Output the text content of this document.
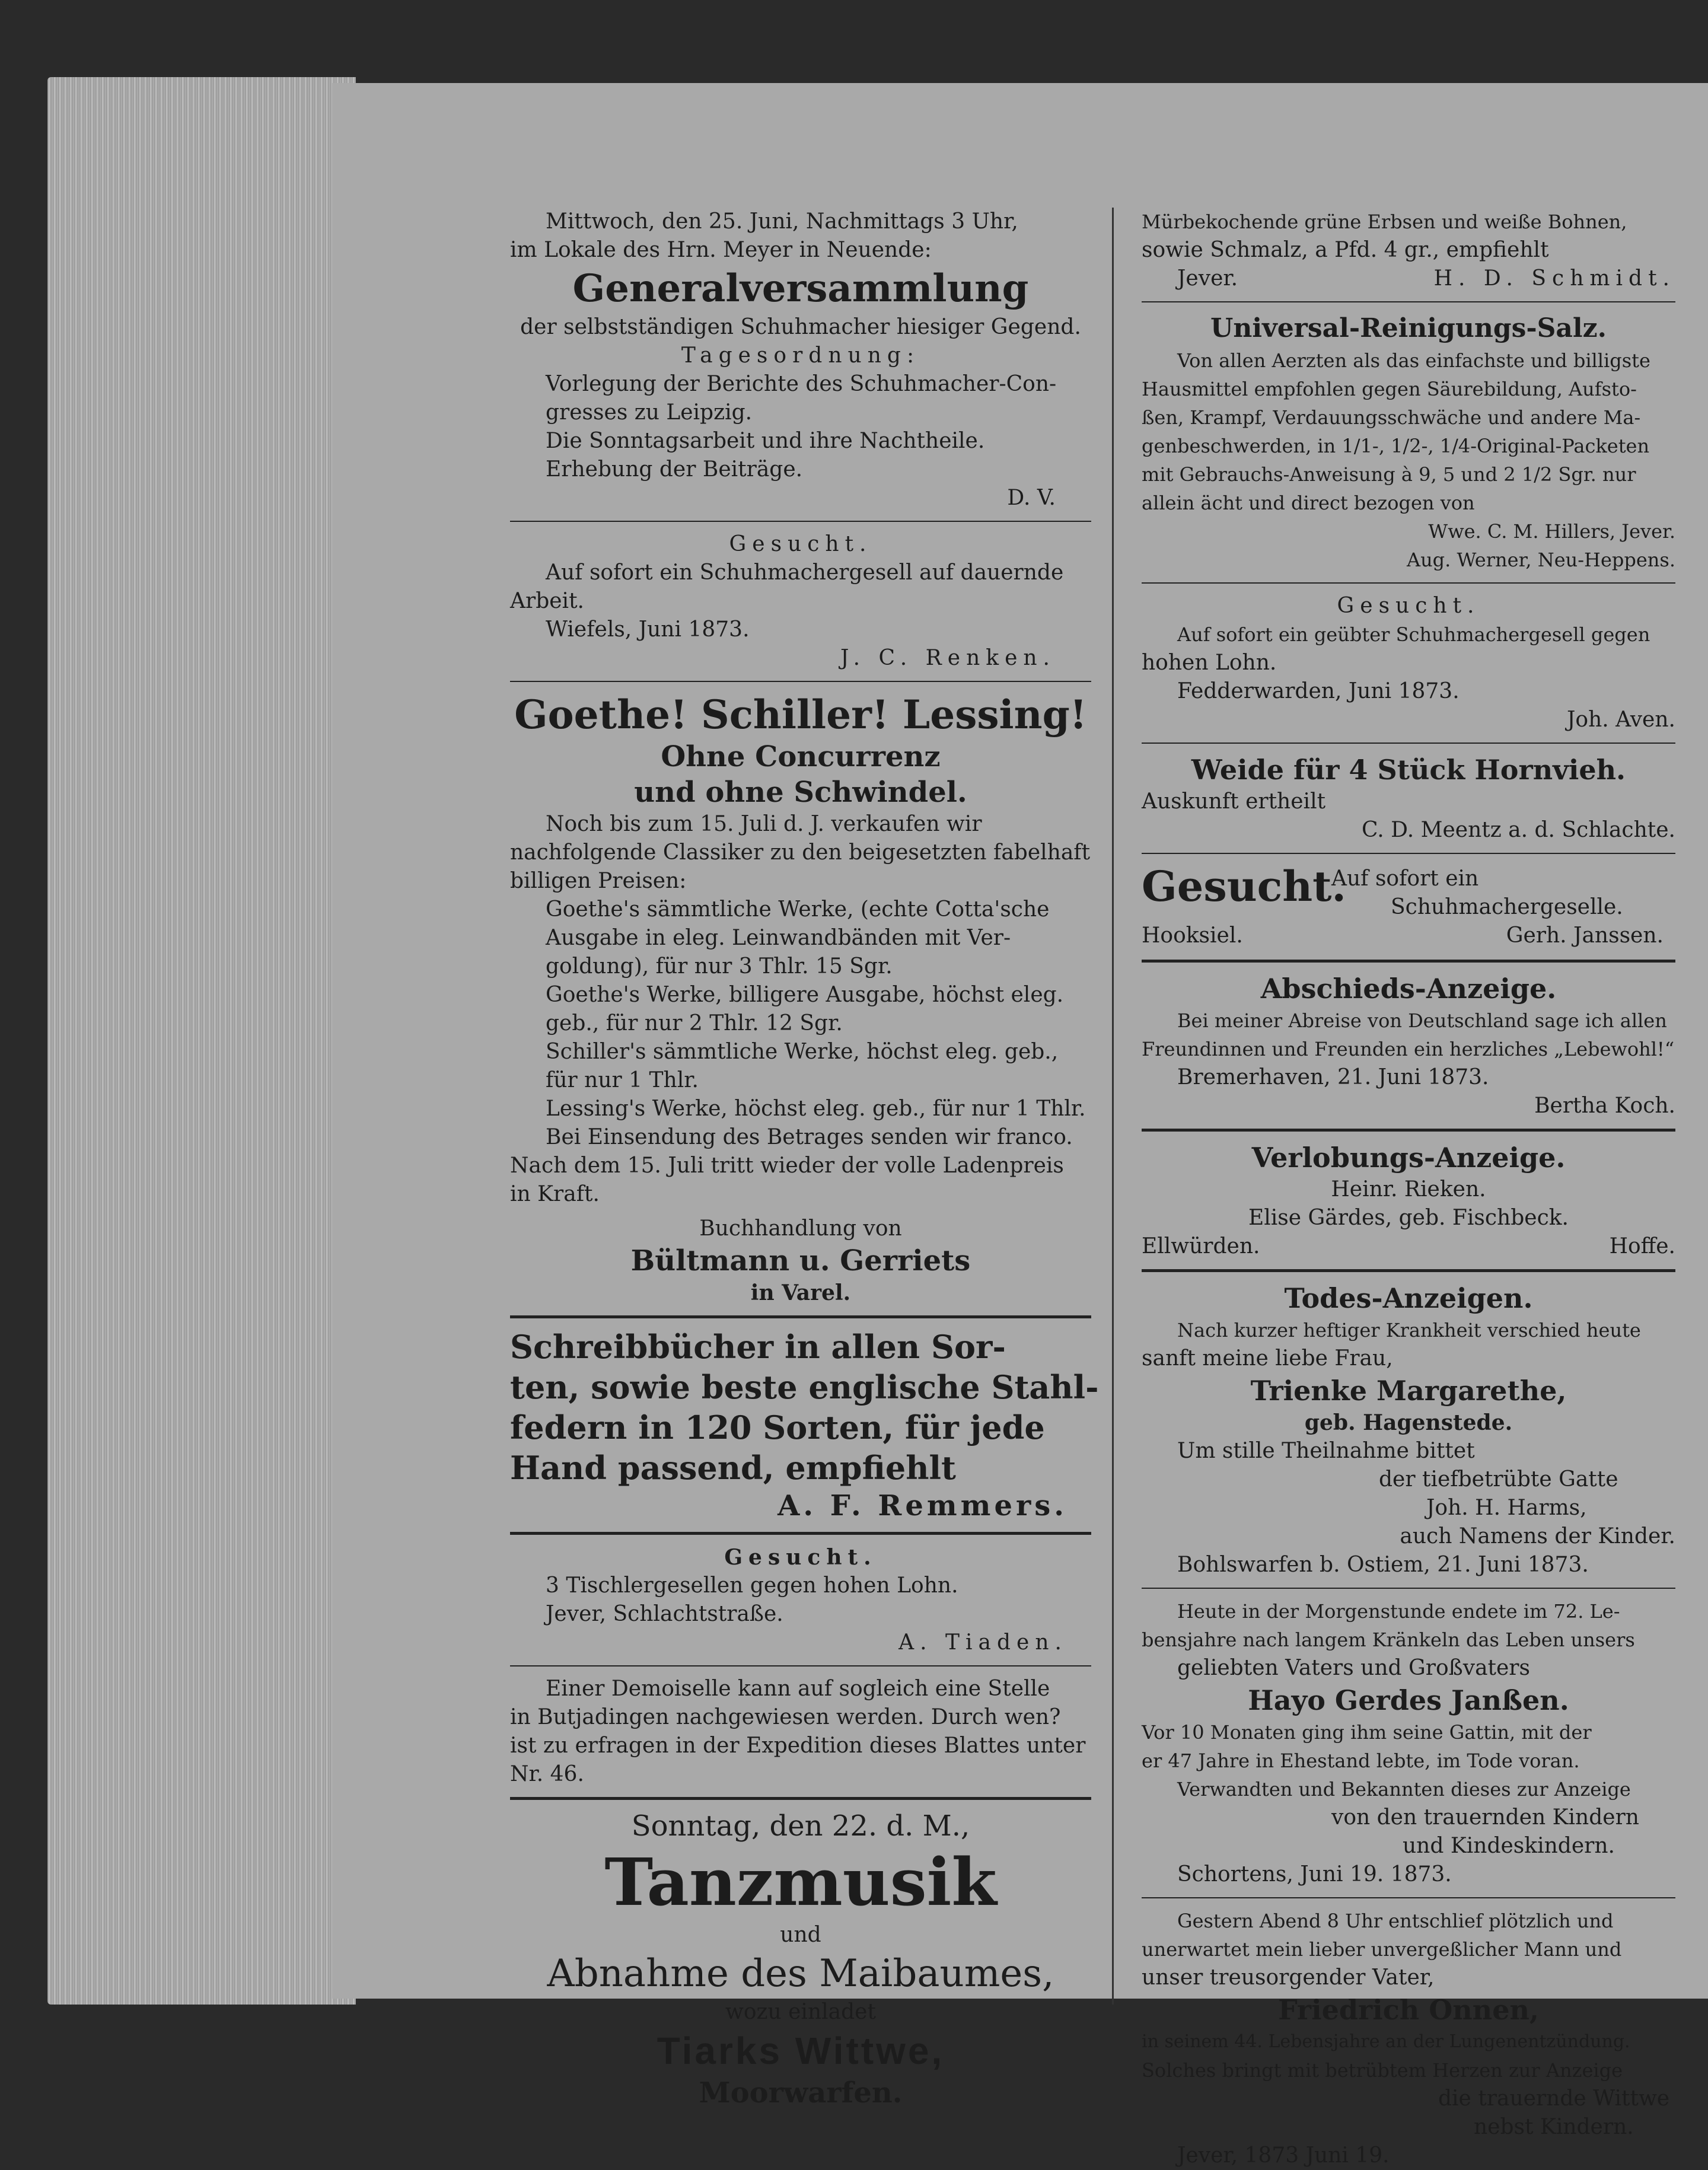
Mittwoch, den 25. Juni, Nachmittags 3 Uhr,

im Lokale des Hrn. Meyer in Neuende:

Generalversammlung

der selbstständigen Schuhmacher hiesiger Gegend.

Tagesordnung:

Vorlegung der Berichte des Schuhmacher-Con-

gresses zu Leipzig.

Die Sonntagsarbeit und ihre Nachtheile.

Erhebung der Beiträge.

D. V.

Gesucht.

Auf sofort ein Schuhmachergesell auf dauernde

Arbeit.

Wiefels, Juni 1873.

J. C. Renken.

Goethe! Schiller! Lessing!

Ohne Concurrenz

und ohne Schwindel.

Noch bis zum 15. Juli d. J. verkaufen wir

nachfolgende Classiker zu den beigesetzten fabelhaft

billigen Preisen:

Goethe's sämmtliche Werke, (echte Cotta'sche

Ausgabe in eleg. Leinwandbänden mit Ver-

goldung), für nur 3 Thlr. 15 Sgr.

Goethe's Werke, billigere Ausgabe, höchst eleg.

geb., für nur 2 Thlr. 12 Sgr.

Schiller's sämmtliche Werke, höchst eleg. geb.,

für nur 1 Thlr.

Lessing's Werke, höchst eleg. geb., für nur 1 Thlr.

Bei Einsendung des Betrages senden wir franco.

Nach dem 15. Juli tritt wieder der volle Ladenpreis

in Kraft.

Buchhandlung von

Bültmann u. Gerriets

in Varel.

Schreibbücher in allen Sor-

ten, sowie beste englische Stahl-

federn in 120 Sorten, für jede

Hand passend, empfiehlt

A. F. Remmers.

Gesucht.

3 Tischlergesellen gegen hohen Lohn.

Jever, Schlachtstraße.

A. Tiaden.

Einer Demoiselle kann auf sogleich eine Stelle

in Butjadingen nachgewiesen werden. Durch wen?

ist zu erfragen in der Expedition dieses Blattes unter

Nr. 46.

Sonntag, den 22. d. M.,

Tanzmusik

und

Abnahme des Maibaumes,

wozu einladet

Tiarks Wittwe,

Moorwarfen.

Mürbekochende grüne Erbsen und weiße Bohnen,

sowie Schmalz, a Pfd. 4 gr., empfiehlt

Jever.	H. D. Schmidt.

Universal-Reinigungs-Salz.

Von allen Aerzten als das einfachste und billigste

Hausmittel empfohlen gegen Säurebildung, Aufsto-

ßen, Krampf, Verdauungsschwäche und andere Ma-

genbeschwerden, in 1/1-, 1/2-, 1/4-Original-Packeten

mit Gebrauchs-Anweisung à 9, 5 und 2 1/2 Sgr. nur

allein ächt und direct bezogen von

Wwe. C. M. Hillers, Jever.

Aug. Werner, Neu-Heppens.

Gesucht.

Auf sofort ein geübter Schuhmachergesell gegen

hohen Lohn.

Fedderwarden, Juni 1873.

Joh. Aven.

Weide für 4 Stück Hornvieh.

Auskunft ertheilt

C. D. Meentz a. d. Schlachte.

Gesucht.

Auf sofort ein

Schuhmachergeselle.

Hooksiel.	Gerh. Janssen.

Abschieds-Anzeige.

Bei meiner Abreise von Deutschland sage ich allen

Freundinnen und Freunden ein herzliches „Lebewohl!“

Bremerhaven, 21. Juni 1873.

Bertha Koch.

Verlobungs-Anzeige.

Heinr. Rieken.

Elise Gärdes, geb. Fischbeck.

Ellwürden.	Hoffe.

Todes-Anzeigen.

Nach kurzer heftiger Krankheit verschied heute

sanft meine liebe Frau,

Trienke Margarethe,

geb. Hagenstede.

Um stille Theilnahme bittet

der tiefbetrübte Gatte

Joh. H. Harms,

auch Namens der Kinder.

Bohlswarfen b. Ostiem, 21. Juni 1873.

Heute in der Morgenstunde endete im 72. Le-

bensjahre nach langem Kränkeln das Leben unsers

geliebten Vaters und Großvaters

Hayo Gerdes Janßen.

Vor 10 Monaten ging ihm seine Gattin, mit der

er 47 Jahre in Ehestand lebte, im Tode voran.

Verwandten und Bekannten dieses zur Anzeige

von den trauernden Kindern

und Kindeskindern.

Schortens, Juni 19. 1873.

Gestern Abend 8 Uhr entschlief plötzlich und

unerwartet mein lieber unvergeßlicher Mann und

unser treusorgender Vater,

Friedrich Onnen,

in seinem 44. Lebensjahre an der Lungenentzündung.

Solches bringt mit betrübtem Herzen zur Anzeige

die trauernde Wittwe

nebst Kindern.

Jever, 1873 Juni 19.
